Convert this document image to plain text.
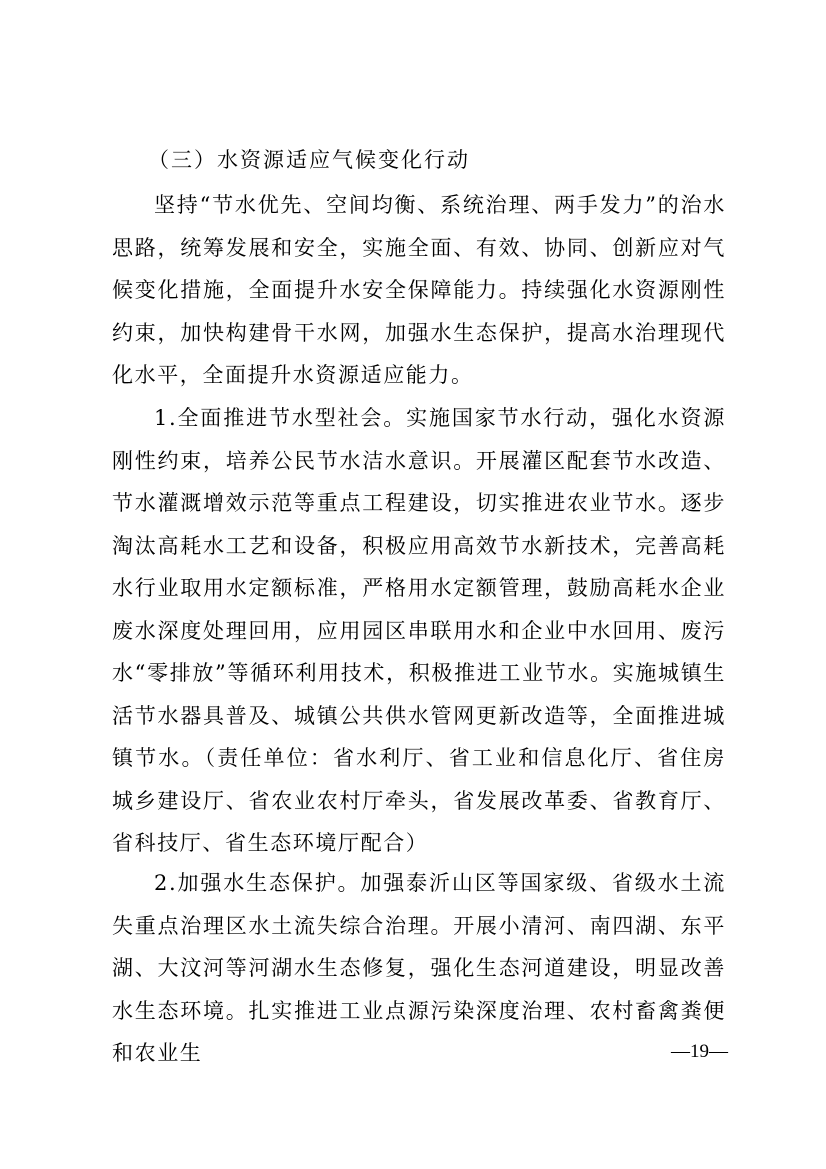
（三）水资源适应气候变化行动

坚持“节水优先、空间均衡、系统治理、两手发力”的治水思路，统筹发展和安全，实施全面、有效、协同、创新应对气候变化措施，全面提升水安全保障能力。持续强化水资源刚性约束，加快构建骨干水网，加强水生态保护，提高水治理现代化水平，全面提升水资源适应能力。

1.全面推进节水型社会。实施国家节水行动，强化水资源刚性约束，培养公民节水洁水意识。开展灌区配套节水改造、节水灌溉增效示范等重点工程建设，切实推进农业节水。逐步淘汰高耗水工艺和设备，积极应用高效节水新技术，完善高耗水行业取用水定额标准，严格用水定额管理，鼓励高耗水企业废水深度处理回用，应用园区串联用水和企业中水回用、废污水“零排放”等循环利用技术，积极推进工业节水。实施城镇生活节水器具普及、城镇公共供水管网更新改造等，全面推进城镇节水。（责任单位：省水利厅、省工业和信息化厅、省住房城乡建设厅、省农业农村厅牵头，省发展改革委、省教育厅、省科技厅、省生态环境厅配合）

2.加强水生态保护。加强泰沂山区等国家级、省级水土流失重点治理区水土流失综合治理。开展小清河、南四湖、东平湖、大汶河等河湖水生态修复，强化生态河道建设，明显改善水生态环境。扎实推进工业点源污染深度治理、农村畜禽粪便和农业生	—19—
